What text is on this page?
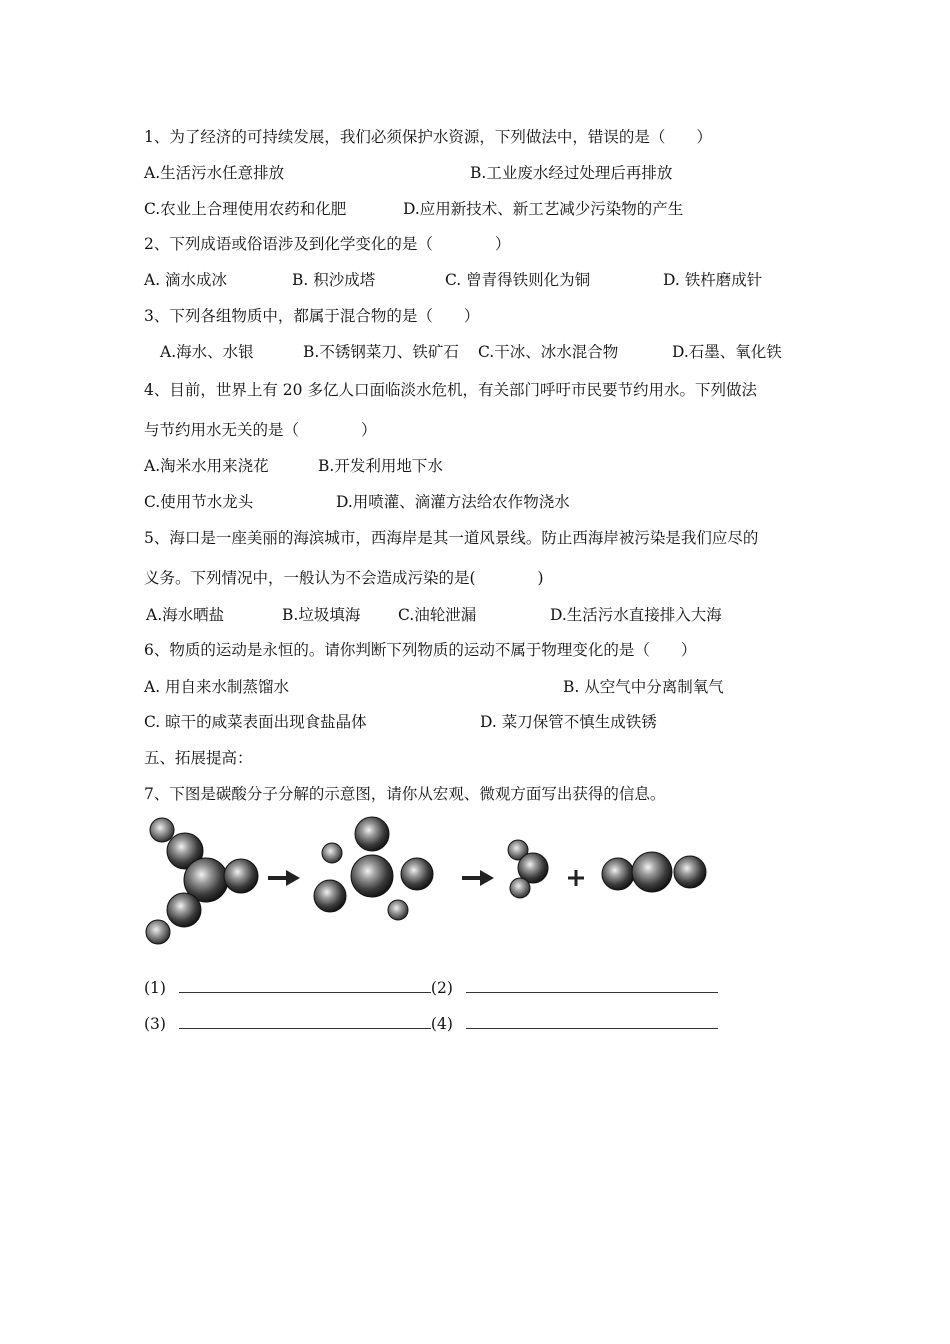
1、为了经济的可持续发展，我们必须保护水资源，下列做法中，错误的是（　　）
A.生活污水任意排放	B.工业废水经过处理后再排放
C.农业上合理使用农药和化肥	D.应用新技术、新工艺减少污染物的产生
2、下列成语或俗语涉及到化学变化的是（　　　　）
A. 滴水成冰	B. 积沙成塔	C. 曾青得铁则化为铜	D. 铁杵磨成针
3、下列各组物质中，都属于混合物的是（　　）
A.海水、水银	B.不锈钢菜刀、铁矿石 C.干冰、冰水混合物	D.石墨、氧化铁
4、目前，世界上有 20 多亿人口面临淡水危机，有关部门呼吁市民要节约用水。下列做法
与节约用水无关的是（　　　　）
A.淘米水用来浇花	B.开发利用地下水
C.使用节水龙头	D.用喷灌、滴灌方法给农作物浇水
5、海口是一座美丽的海滨城市，西海岸是其一道风景线。防止西海岸被污染是我们应尽的
义务。下列情况中，一般认为不会造成污染的是(　　　　)
A.海水晒盐	B.垃圾填海 C.油轮泄漏	D.生活污水直接排入大海
6、物质的运动是永恒的。请你判断下列物质的运动不属于物理变化的是（　　）
A. 用自来水制蒸馏水	B. 从空气中分离制氧气
C. 晾干的咸菜表面出现食盐晶体	D. 菜刀保管不慎生成铁锈
五、拓展提高：
7、下图是碳酸分子分解的示意图，请你从宏观、微观方面写出获得的信息。
(1)	(2)
(3)	(4)
